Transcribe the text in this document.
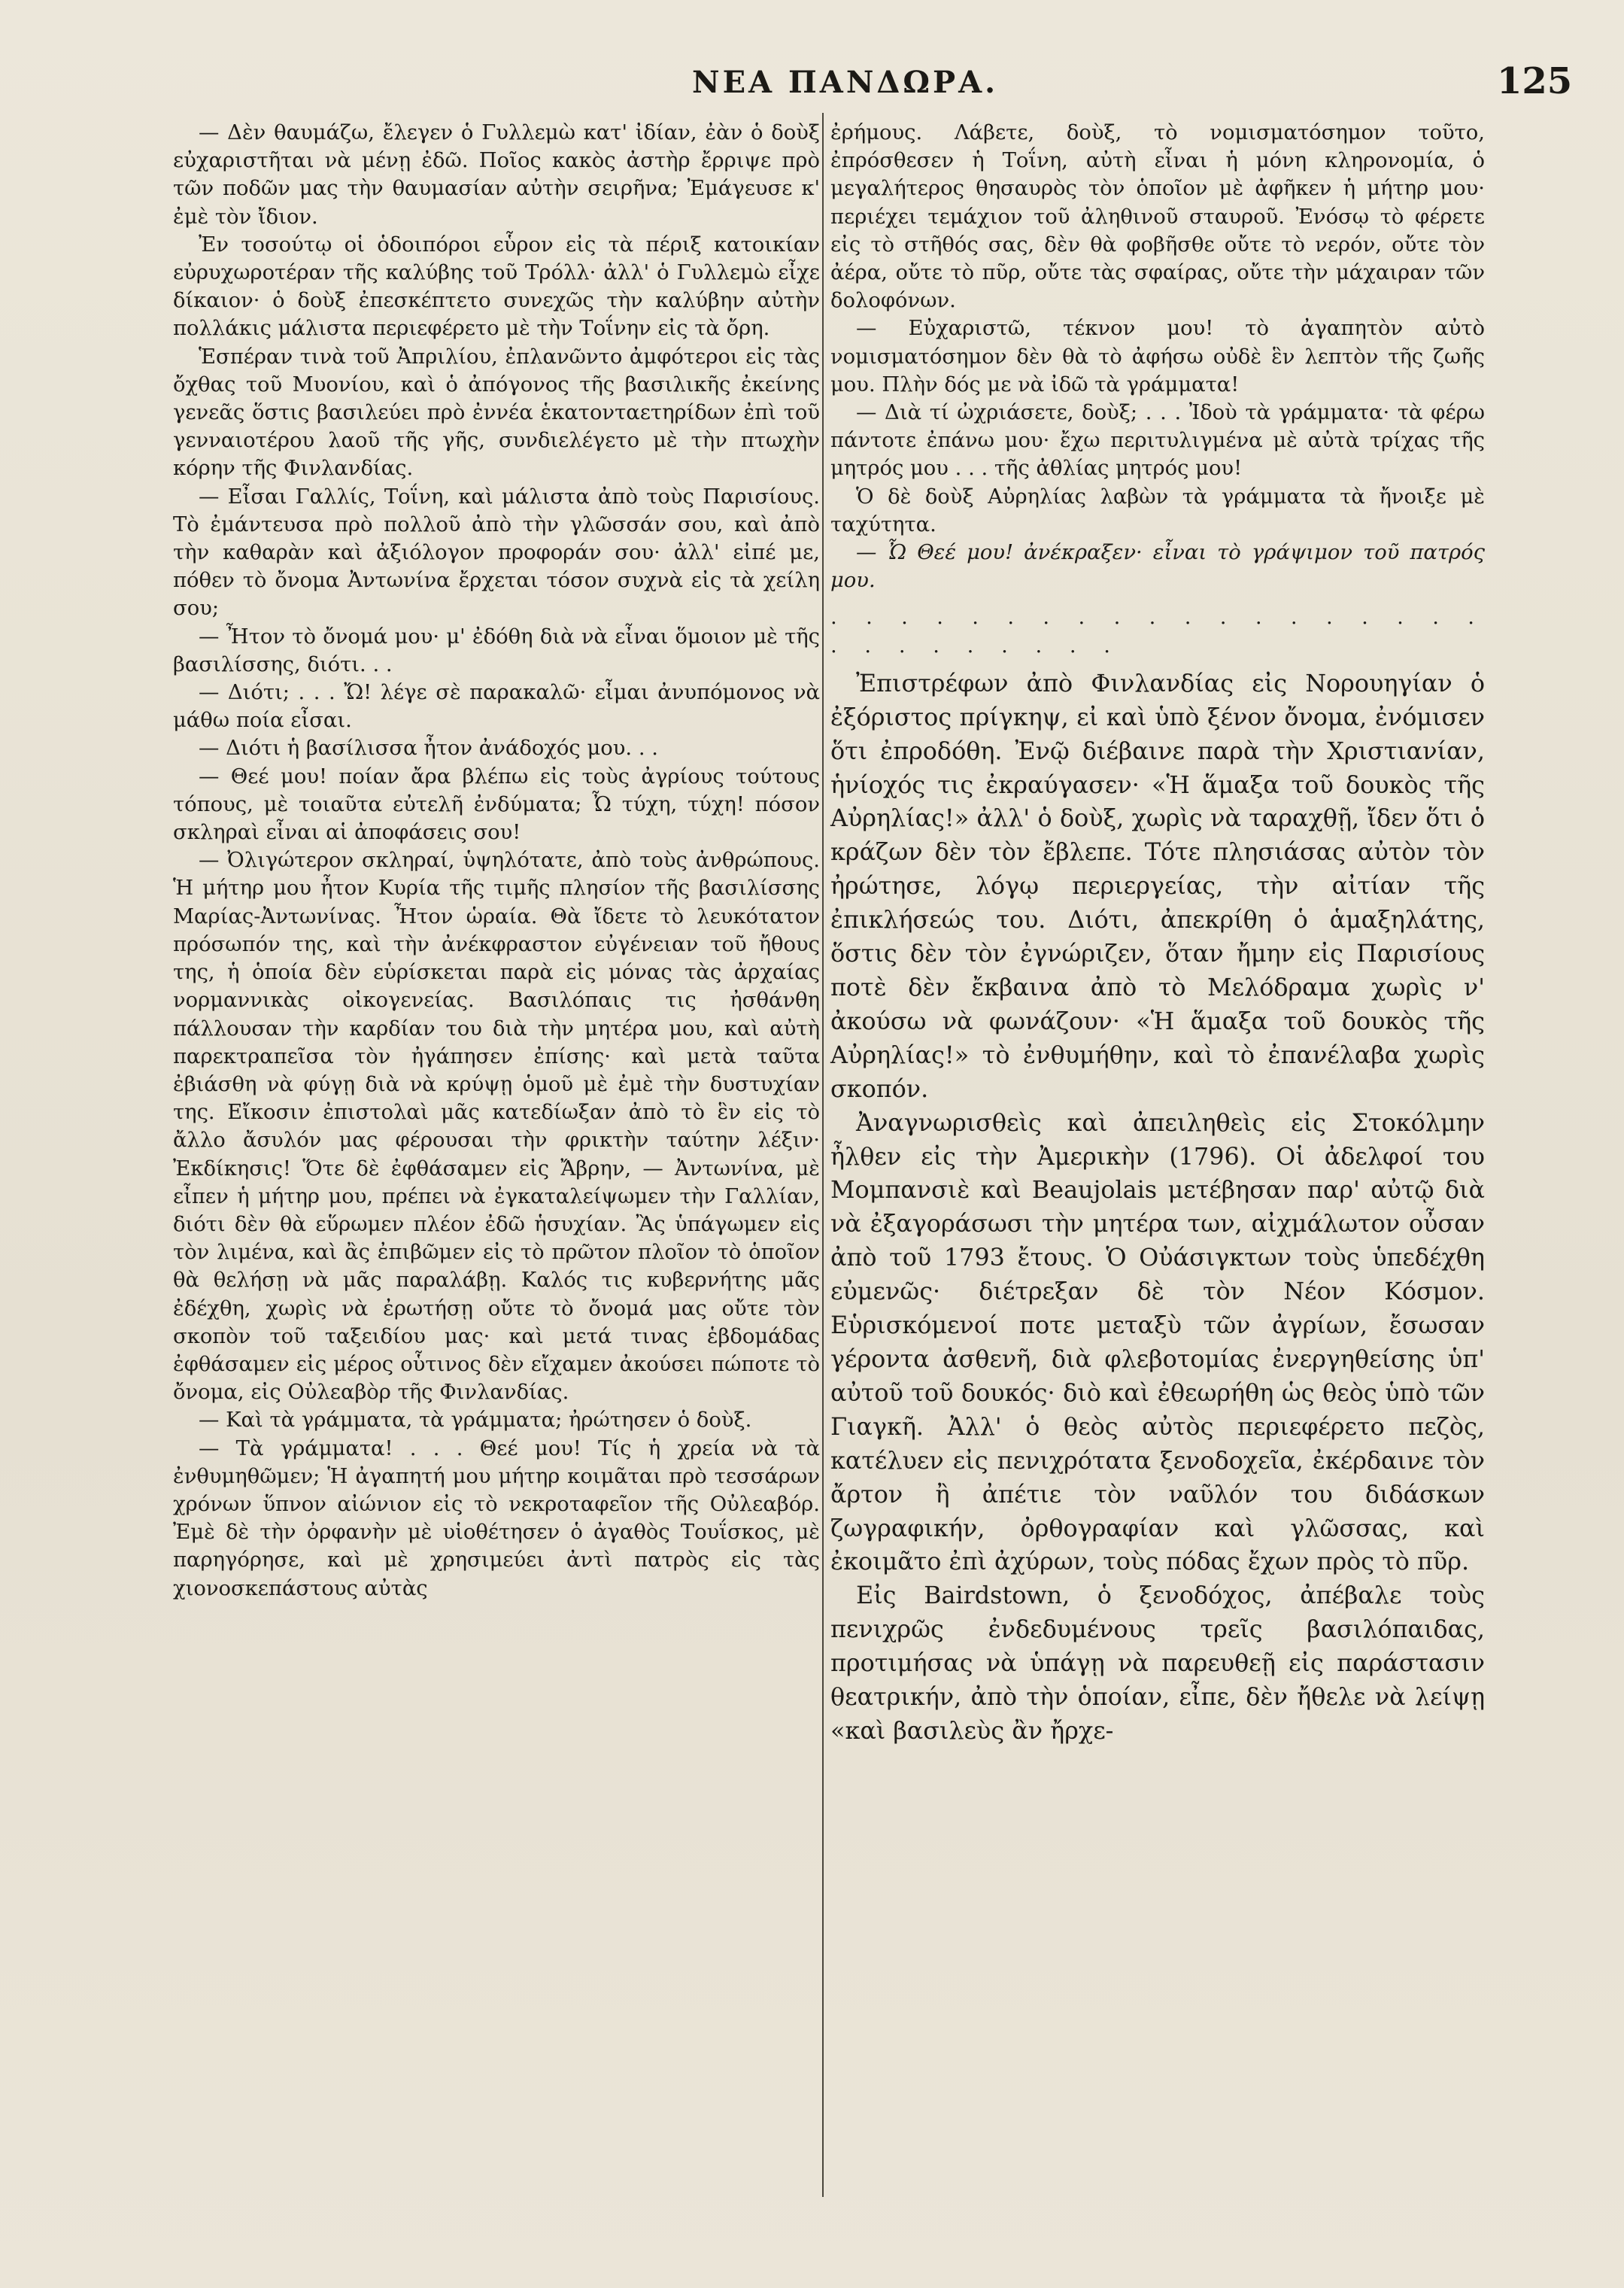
ΝΕΑ ΠΑΝΔΩΡΑ.	125

— Δὲν θαυμάζω, ἔλεγεν ὁ Γυλλεμὼ κατ' ἰδίαν, ἐὰν ὁ δοὺξ εὐχαριστῆται νὰ μένῃ ἐδῶ. Ποῖος κακὸς ἀστὴρ ἔρριψε πρὸ τῶν ποδῶν μας τὴν θαυμασίαν αὐτὴν σειρῆνα; Ἐμάγευσε κ' ἐμὲ τὸν ἴδιον.

Ἐν τοσούτῳ οἱ ὁδοιπόροι εὗρον εἰς τὰ πέριξ κατοικίαν εὐρυχωροτέραν τῆς καλύβης τοῦ Τρόλλ· ἀλλ' ὁ Γυλλεμὼ εἶχε δίκαιον· ὁ δοὺξ ἐπεσκέπτετο συνεχῶς τὴν καλύβην αὐτὴν πολλάκις μάλιστα περιεφέρετο μὲ τὴν Τοΐνην εἰς τὰ ὄρη.

Ἑσπέραν τινὰ τοῦ Ἀπριλίου, ἐπλανῶντο ἀμφότεροι εἰς τὰς ὄχθας τοῦ Μυονίου, καὶ ὁ ἀπόγονος τῆς βασιλικῆς ἐκείνης γενεᾶς ὅστις βασιλεύει πρὸ ἐννέα ἑκατονταετηρίδων ἐπὶ τοῦ γενναιοτέρου λαοῦ τῆς γῆς, συνδιελέγετο μὲ τὴν πτωχὴν κόρην τῆς Φινλανδίας.

— Εἶσαι Γαλλίς, Τοΐνη, καὶ μάλιστα ἀπὸ τοὺς Παρισίους. Τὸ ἐμάντευσα πρὸ πολλοῦ ἀπὸ τὴν γλῶσσάν σου, καὶ ἀπὸ τὴν καθαρὰν καὶ ἀξιόλογον προφοράν σου· ἀλλ' εἰπέ με, πόθεν τὸ ὄνομα Ἀντωνίνα ἔρχεται τόσον συχνὰ εἰς τὰ χείλη σου;

— Ἦτον τὸ ὄνομά μου· μ' ἐδόθη διὰ νὰ εἶναι ὅμοιον μὲ τῆς βασιλίσσης, διότι. . .

— Διότι; . . . Ὤ! λέγε σὲ παρακαλῶ· εἶμαι ἀνυπόμονος νὰ μάθω ποία εἶσαι.

— Διότι ἡ βασίλισσα ἦτον ἀνάδοχός μου. . .

— Θεέ μου! ποίαν ἄρα βλέπω εἰς τοὺς ἀγρίους τούτους τόπους, μὲ τοιαῦτα εὐτελῆ ἐνδύματα; Ὦ τύχη, τύχη! πόσον σκληραὶ εἶναι αἱ ἀποφάσεις σου!

— Ὀλιγώτερον σκληραί, ὑψηλότατε, ἀπὸ τοὺς ἀνθρώπους. Ἡ μήτηρ μου ἦτον Κυρία τῆς τιμῆς πλησίον τῆς βασιλίσσης Μαρίας-Ἀντωνίνας. Ἦτον ὡραία. Θὰ ἴδετε τὸ λευκότατον πρόσωπόν της, καὶ τὴν ἀνέκφραστον εὐγένειαν τοῦ ἤθους της, ἡ ὁποία δὲν εὑρίσκεται παρὰ εἰς μόνας τὰς ἀρχαίας νορμαννικὰς οἰκογενείας. Βασιλόπαις τις ἠσθάνθη πάλλουσαν τὴν καρδίαν του διὰ τὴν μητέρα μου, καὶ αὐτὴ παρεκτραπεῖσα τὸν ἠγάπησεν ἐπίσης· καὶ μετὰ ταῦτα ἐβιάσθη νὰ φύγῃ διὰ νὰ κρύψῃ ὁμοῦ μὲ ἐμὲ τὴν δυστυχίαν της. Εἴκοσιν ἐπιστολαὶ μᾶς κατεδίωξαν ἀπὸ τὸ ἓν εἰς τὸ ἄλλο ἄσυλόν μας φέρουσαι τὴν φρικτὴν ταύτην λέξιν· Ἐκδίκησις! Ὅτε δὲ ἐφθάσαμεν εἰς Ἄβρην, — Ἀντωνίνα, μὲ εἶπεν ἡ μήτηρ μου, πρέπει νὰ ἐγκαταλείψωμεν τὴν Γαλλίαν, διότι δὲν θὰ εὕρωμεν πλέον ἐδῶ ἡσυχίαν. Ἂς ὑπάγωμεν εἰς τὸν λιμένα, καὶ ἂς ἐπιβῶμεν εἰς τὸ πρῶτον πλοῖον τὸ ὁποῖον θὰ θελήσῃ νὰ μᾶς παραλάβῃ. Καλός τις κυβερνήτης μᾶς ἐδέχθη, χωρὶς νὰ ἐρωτήσῃ οὔτε τὸ ὄνομά μας οὔτε τὸν σκοπὸν τοῦ ταξειδίου μας· καὶ μετά τινας ἑβδομάδας ἐφθάσαμεν εἰς μέρος οὗτινος δὲν εἴχαμεν ἀκούσει πώποτε τὸ ὄνομα, εἰς Οὐλεαβὸρ τῆς Φινλανδίας.

— Καὶ τὰ γράμματα, τὰ γράμματα; ἠρώτησεν ὁ δοὺξ.

— Τὰ γράμματα! . . . Θεέ μου! Τίς ἡ χρεία νὰ τὰ ἐνθυμηθῶμεν; Ἡ ἀγαπητή μου μήτηρ κοιμᾶται πρὸ τεσσάρων χρόνων ὕπνον αἰώνιον εἰς τὸ νεκροταφεῖον τῆς Οὐλεαβόρ. Ἐμὲ δὲ τὴν ὀρφανὴν μὲ υἱοθέτησεν ὁ ἀγαθὸς Τουΐσκος, μὲ παρηγόρησε, καὶ μὲ χρησιμεύει ἀντὶ πατρὸς εἰς τὰς χιονοσκεπάστους αὐτὰς

ἐρήμους. Λάβετε, δοὺξ, τὸ νομισματόσημον τοῦτο, ἐπρόσθεσεν ἡ Τοΐνη, αὐτὴ εἶναι ἡ μόνη κληρονομία, ὁ μεγαλήτερος θησαυρὸς τὸν ὁποῖον μὲ ἀφῆκεν ἡ μήτηρ μου· περιέχει τεμάχιον τοῦ ἀληθινοῦ σταυροῦ. Ἐνόσῳ τὸ φέρετε εἰς τὸ στῆθός σας, δὲν θὰ φοβῆσθε οὔτε τὸ νερόν, οὔτε τὸν ἀέρα, οὔτε τὸ πῦρ, οὔτε τὰς σφαίρας, οὔτε τὴν μάχαιραν τῶν δολοφόνων.

— Εὐχαριστῶ, τέκνον μου! τὸ ἀγαπητὸν αὐτὸ νομισματόσημον δὲν θὰ τὸ ἀφήσω οὐδὲ ἓν λεπτὸν τῆς ζωῆς μου. Πλὴν δός με νὰ ἰδῶ τὰ γράμματα!

— Διὰ τί ὠχριάσετε, δοὺξ; . . . Ἰδοὺ τὰ γράμματα· τὰ φέρω πάντοτε ἐπάνω μου· ἔχω περιτυλιγμένα μὲ αὐτὰ τρίχας τῆς μητρός μου . . . τῆς ἀθλίας μητρός μου!

Ὁ δὲ δοὺξ Αὐρηλίας λαβὼν τὰ γράμματα τὰ ἤνοιξε μὲ ταχύτητα.

— Ὦ Θεέ μου! ἀνέκραξεν· εἶναι τὸ γράψιμον τοῦ πατρός μου.

. . . . . . . . . . . . . . . . . . . . . . . . . . . .

Ἐπιστρέφων ἀπὸ Φινλανδίας εἰς Νορουηγίαν ὁ ἐξόριστος πρίγκηψ, εἰ καὶ ὑπὸ ξένον ὄνομα, ἐνόμισεν ὅτι ἐπροδόθη. Ἐνῷ διέβαινε παρὰ τὴν Χριστιανίαν, ἡνίοχός τις ἐκραύγασεν· «Ἡ ἅμαξα τοῦ δουκὸς τῆς Αὐρηλίας!» ἀλλ' ὁ δοὺξ, χωρὶς νὰ ταραχθῇ, ἴδεν ὅτι ὁ κράζων δὲν τὸν ἔβλεπε. Τότε πλησιάσας αὐτὸν τὸν ἠρώτησε, λόγῳ περιεργείας, τὴν αἰτίαν τῆς ἐπικλήσεώς του. Διότι, ἀπεκρίθη ὁ ἁμαξηλάτης, ὅστις δὲν τὸν ἐγνώριζεν, ὅταν ἤμην εἰς Παρισίους ποτὲ δὲν ἔκβαινα ἀπὸ τὸ Μελόδραμα χωρὶς ν' ἀκούσω νὰ φωνάζουν· «Ἡ ἅμαξα τοῦ δουκὸς τῆς Αὐρηλίας!» τὸ ἐνθυμήθην, καὶ τὸ ἐπανέλαβα χωρὶς σκοπόν.

Ἀναγνωρισθεὶς καὶ ἀπειληθεὶς εἰς Στοκόλμην ἦλθεν εἰς τὴν Ἀμερικὴν (1796). Οἱ ἀδελφοί του Μομπανσιὲ καὶ Beaujolais μετέβησαν παρ' αὐτῷ διὰ νὰ ἐξαγοράσωσι τὴν μητέρα των, αἰχμάλωτον οὖσαν ἀπὸ τοῦ 1793 ἔτους. Ὁ Οὐάσιγκτων τοὺς ὑπεδέχθη εὐμενῶς· διέτρεξαν δὲ τὸν Νέον Κόσμον. Εὑρισκόμενοί ποτε μεταξὺ τῶν ἀγρίων, ἔσωσαν γέροντα ἀσθενῆ, διὰ φλεβοτομίας ἐνεργηθείσης ὑπ' αὐτοῦ τοῦ δουκός· διὸ καὶ ἐθεωρήθη ὡς θεὸς ὑπὸ τῶν Γιαγκῆ. Ἀλλ' ὁ θεὸς αὐτὸς περιεφέρετο πεζὸς, κατέλυεν εἰς πενιχρότατα ξενοδοχεῖα, ἐκέρδαινε τὸν ἄρτον ἢ ἀπέτιε τὸν ναῦλόν του διδάσκων ζωγραφικήν, ὀρθογραφίαν καὶ γλῶσσας, καὶ ἐκοιμᾶτο ἐπὶ ἀχύρων, τοὺς πόδας ἔχων πρὸς τὸ πῦρ.

Εἰς Bairdstown, ὁ ξενοδόχος, ἀπέβαλε τοὺς πενιχρῶς ἐνδεδυμένους τρεῖς βασιλόπαιδας, προτιμήσας νὰ ὑπάγῃ νὰ παρευθεῇ εἰς παράστασιν θεατρικήν, ἀπὸ τὴν ὁποίαν, εἶπε, δὲν ἤθελε νὰ λείψῃ «καὶ βασιλεὺς ἂν ἤρχε-
